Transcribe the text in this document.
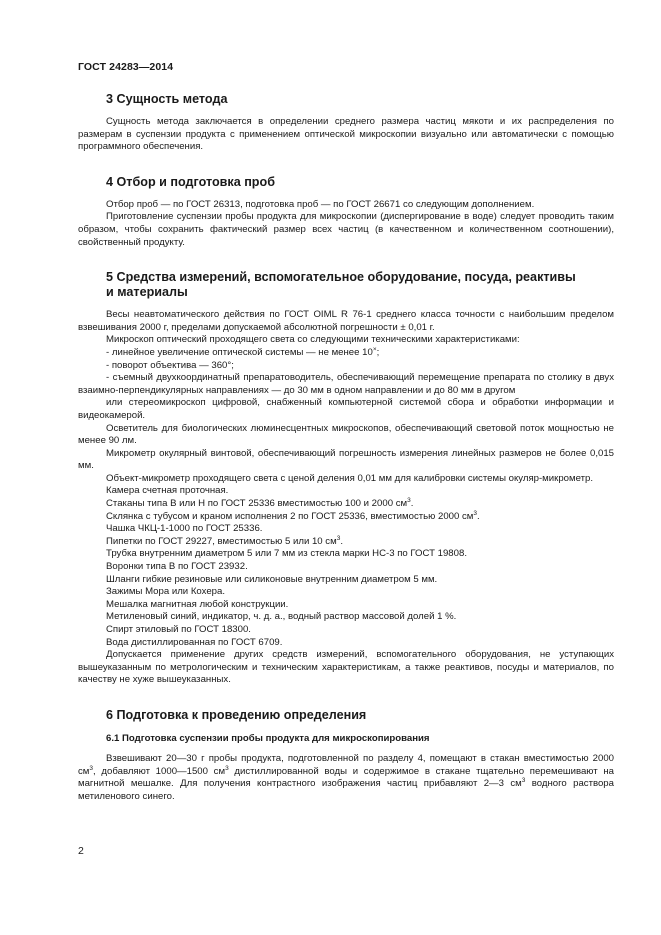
ГОСТ 24283—2014
3 Сущность метода

Сущность метода заключается в определении среднего размера частиц мякоти и их распределения по размерам в суспензии продукта с применением оптической микроскопии визуально или автоматически с помощью программного обеспечения.

4 Отбор и подготовка проб

Отбор проб — по ГОСТ 26313, подготовка проб — по ГОСТ 26671 со следующим дополнением.

Приготовление суспензии пробы продукта для микроскопии (диспергирование в воде) следует проводить таким образом, чтобы сохранить фактический размер всех частиц (в качественном и количественном соотношении), свойственный продукту.

5 Средства измерений, вспомогательное оборудование, посуда, реактивы
и материалы

Весы неавтоматического действия по ГОСТ OIML R 76-1 среднего класса точности с наибольшим пределом взвешивания 2000 г, пределами допускаемой абсолютной погрешности ± 0,01 г.

Микроскоп оптический проходящего света со следующими техническими характеристиками:

- линейное увеличение оптической системы — не менее 10×;

- поворот объектива — 360°;

- съемный двухкоординатный препаратоводитель, обеспечивающий перемещение препарата по столику в двух взаимно-перпендикулярных направлениях — до 30 мм в одном направлении и до 80 мм в другом

или стереомикроскоп цифровой, снабженный компьютерной системой сбора и обработки информации и видеокамерой.

Осветитель для биологических люминесцентных микроскопов, обеспечивающий световой поток мощностью не менее 90 лм.

Микрометр окулярный винтовой, обеспечивающий погрешность измерения линейных размеров не более 0,015 мм.

Объект-микрометр проходящего света с ценой деления 0,01 мм для калибровки системы окуляр-микрометр.

Камера счетная проточная.

Стаканы типа В или Н по ГОСТ 25336 вместимостью 100 и 2000 $см^3$.

Склянка с тубусом и краном исполнения 2 по ГОСТ 25336, вместимостью 2000 $см^3$.

Чашка ЧКЦ-1-1000 по ГОСТ 25336.

Пипетки по ГОСТ 29227, вместимостью 5 или 10 $см^3$.

Трубка внутренним диаметром 5 или 7 мм из стекла марки НС-3 по ГОСТ 19808.

Воронки типа В по ГОСТ 23932.

Шланги гибкие резиновые или силиконовые внутренним диаметром 5 мм.

Зажимы Мора или Кохера.

Мешалка магнитная любой конструкции.

Метиленовый синий, индикатор, ч. д. а., водный раствор массовой долей 1 %.

Спирт этиловый по ГОСТ 18300.

Вода дистиллированная по ГОСТ 6709.

Допускается применение других средств измерений, вспомогательного оборудования, не уступающих вышеуказанным по метрологическим и техническим характеристикам, а также реактивов, посуды и материалов, по качеству не хуже вышеуказанных.

6 Подготовка к проведению определения
6.1 Подготовка суспензии пробы продукта для микроскопирования

Взвешивают 20—30 г пробы продукта, подготовленной по разделу 4, помещают в стакан вместимостью 2000 $см^3$, добавляют 1000—1500 $см^3$ дистиллированной воды и содержимое в стакане тщательно перемешивают на магнитной мешалке. Для получения контрастного изображения частиц прибавляют 2—3 $см^3$ водного раствора метиленового синего.

2
